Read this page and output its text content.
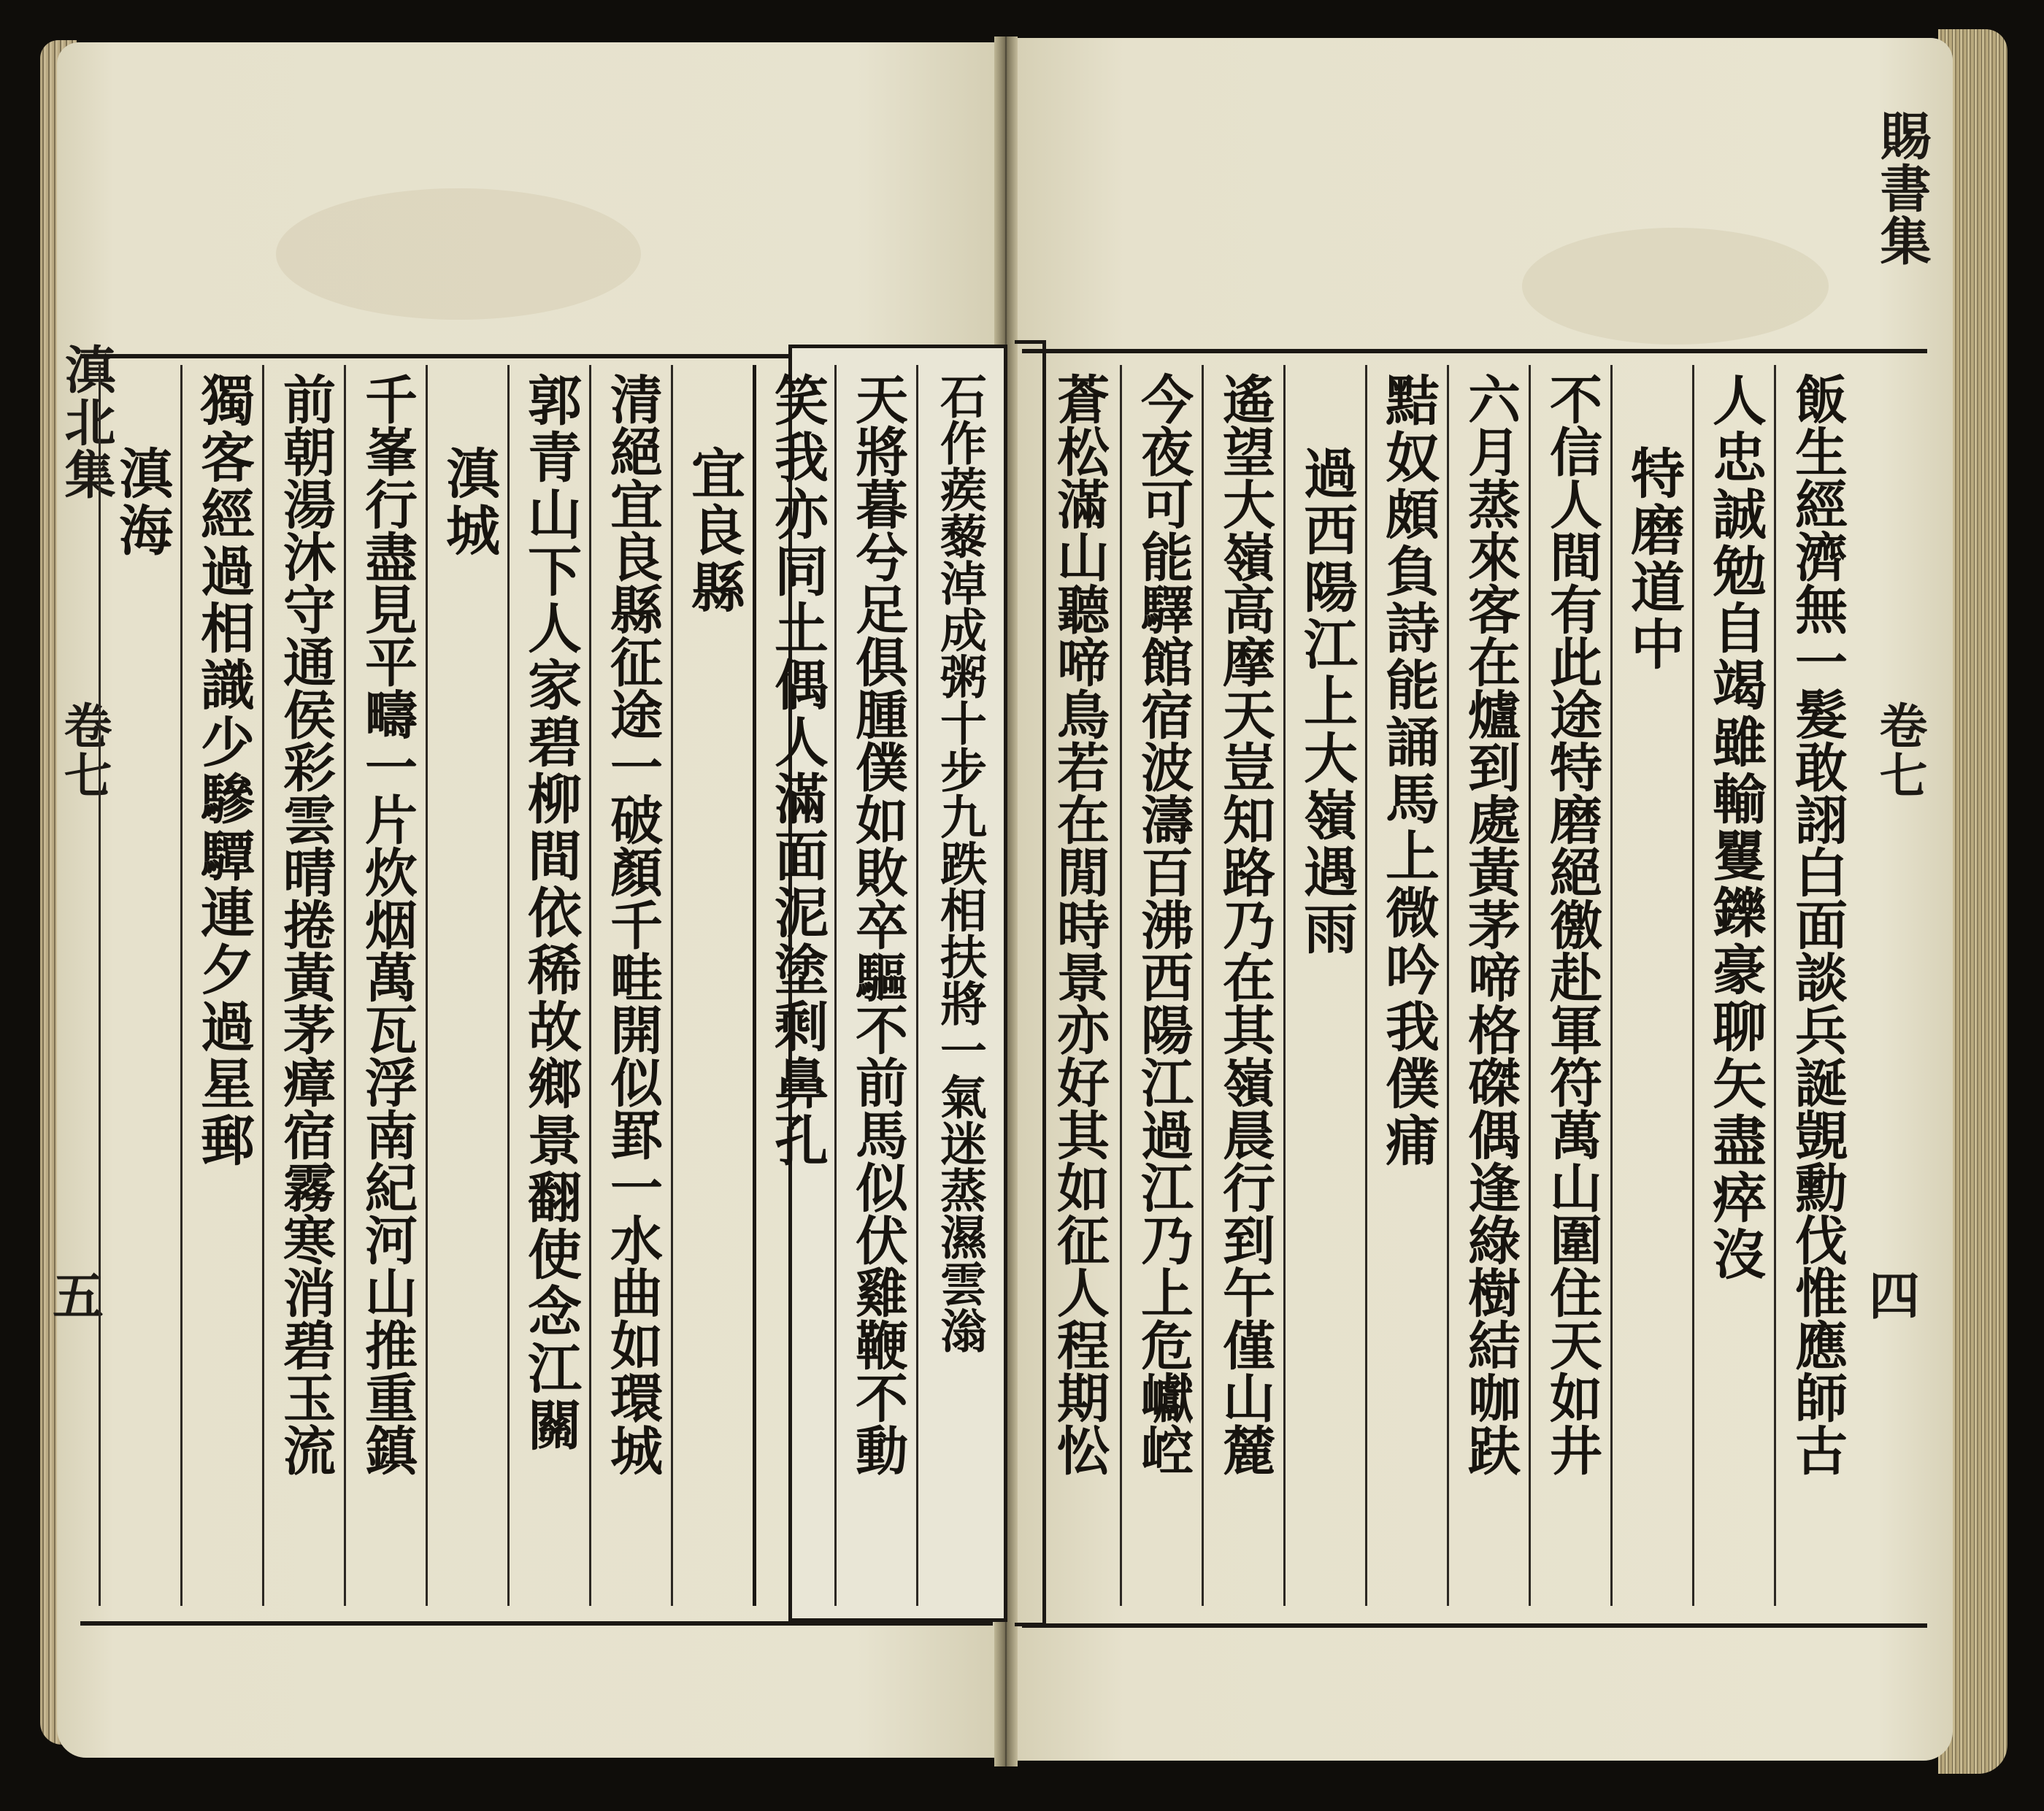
滇北集
卷七
五
賜書集
卷七
四
石作蒺藜淖成粥十步九跌相扶將一氣迷蒸濕雲滃
天將暮兮足俱腫僕如敗卒驅不前馬似伏雞鞭不動
笑我亦同土偶人滿面泥塗剩鼻孔
宜良縣
清絕宜良縣征途一破顏千畦開似罫一水曲如環城
郭青山下人家碧柳間依稀故鄉景翻使念江關
滇城
千峯行盡見平疇一片炊烟萬瓦浮南紀河山推重鎮
前朝湯沐守通侯彩雲晴捲黃茅瘴宿霧寒消碧玉流
獨客經過相識少驂驔連夕過星郵
滇海	飯生經濟無一髮敢詡白面談兵誕覬勳伐惟應師古
人忠誠勉自竭雖輸矍鑠豪聊矢盡瘁沒
特磨道中
不信人間有此途特磨絕徼赴軍符萬山圍住天如井
六月蒸來客在爐到處黃茅啼格磔偶逢綠樹結咖趺
黠奴頗負詩能誦馬上微吟我僕痡
過西陽江上大嶺遇雨
遙望大嶺高摩天豈知路乃在其嶺晨行到午僅山麓
今夜可能驛館宿波濤百沸西陽江過江乃上危巘崆
蒼松滿山聽啼鳥若在閒時景亦好其如征人程期忪
